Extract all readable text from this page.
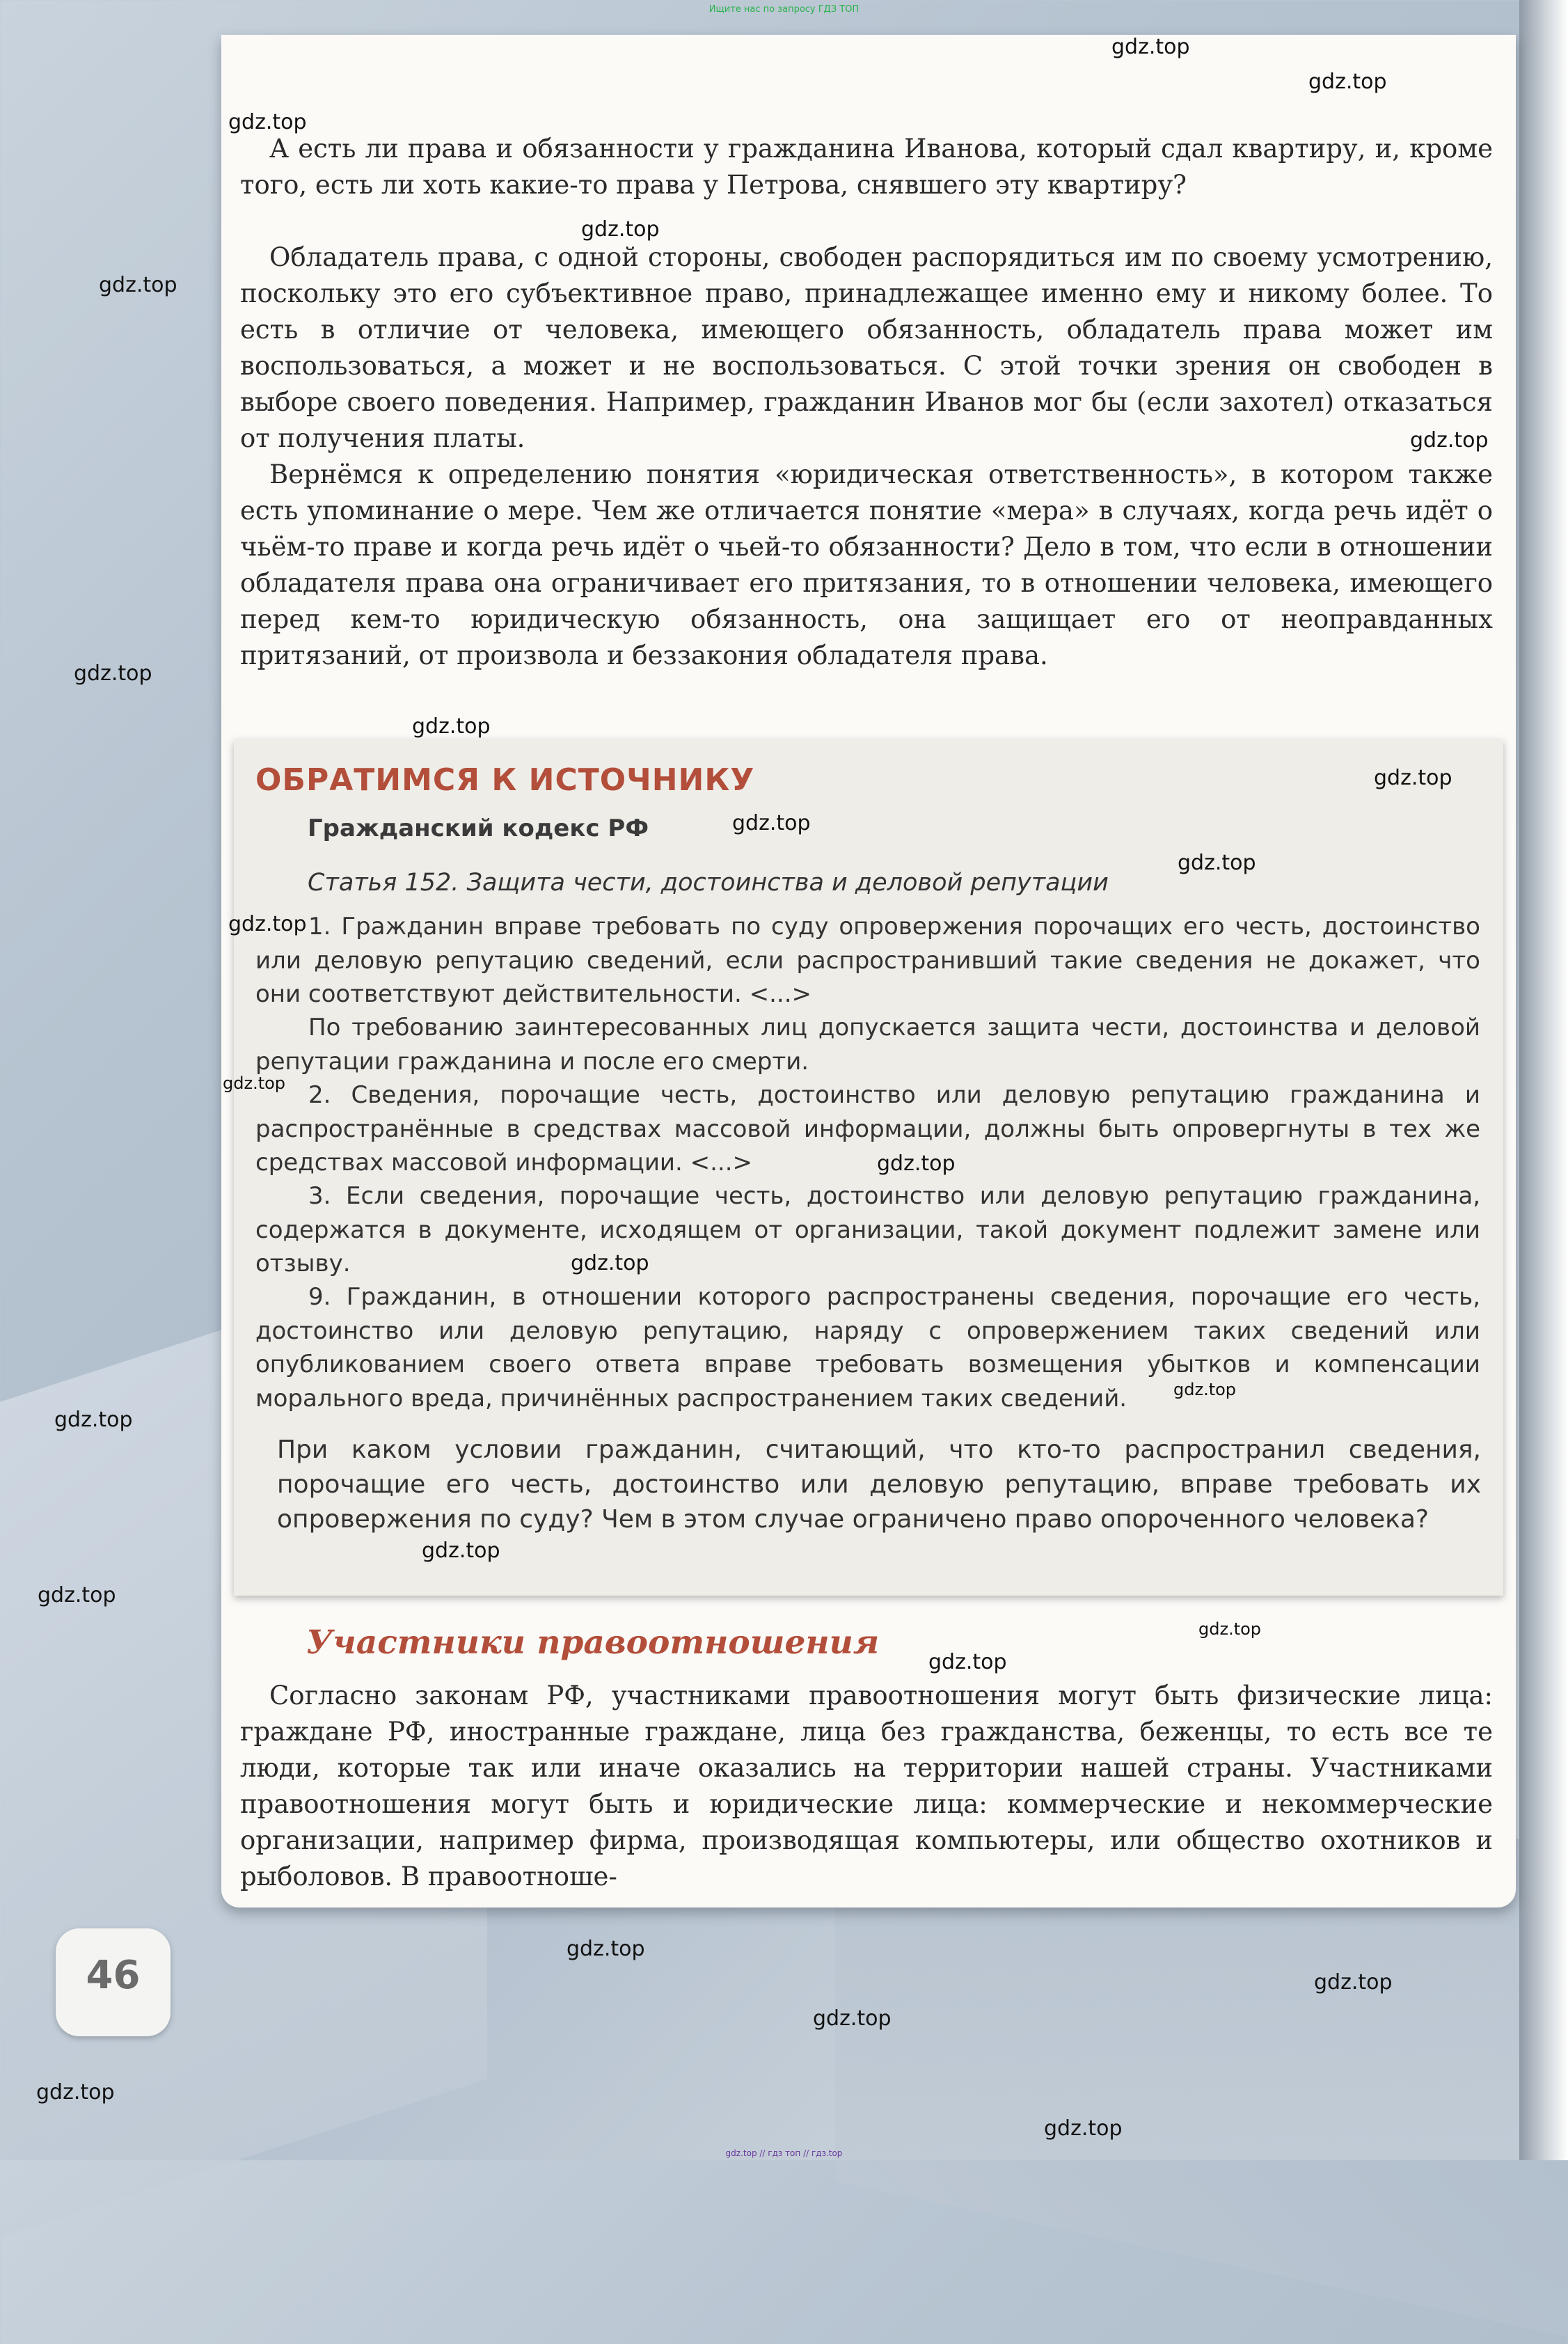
Ищите нас по запросу ГДЗ ТОП

А есть ли права и обязанности у гражданина Иванова, который сдал квартиру, и, кроме того, есть ли хоть какие-то права у Петрова, снявшего эту квартиру?

Обладатель права, с одной стороны, свободен распорядиться им по своему усмотрению, поскольку это его субъективное право, принадлежащее именно ему и никому более. То есть в отличие от человека, имеющего обязанность, обладатель права может им воспользоваться, а может и не воспользоваться. С этой точки зрения он свободен в выборе своего поведения. Например, гражданин Иванов мог бы (если захотел) отказаться от получения платы.

Вернёмся к определению понятия «юридическая ответственность», в котором также есть упоминание о мере. Чем же отличается понятие «мера» в случаях, когда речь идёт о чьём-то праве и когда речь идёт о чьей-то обязанности? Дело в том, что если в отношении обладателя права она ограничивает его притязания, то в отношении человека, имеющего перед кем-то юридическую обязанность, она защищает его от неоправданных притязаний, от произвола и беззакония обладателя права.

ОБРАТИМСЯ К ИСТОЧНИКУ
Гражданский кодекс РФ
Статья 152. Защита чести, достоинства и деловой репутации

1. Гражданин вправе требовать по суду опровержения порочащих его честь, достоинство или деловую репутацию сведений, если распространивший такие сведения не докажет, что они соответствуют действительности. <...>

По требованию заинтересованных лиц допускается защита чести, достоинства и деловой репутации гражданина и после его смерти.

2. Сведения, порочащие честь, достоинство или деловую репутацию гражданина и распространённые в средствах массовой информации, должны быть опровергнуты в тех же средствах массовой информации. <...>

3. Если сведения, порочащие честь, достоинство или деловую репутацию гражданина, содержатся в документе, исходящем от организации, такой документ подлежит замене или отзыву.

9. Гражданин, в отношении которого распространены сведения, порочащие его честь, достоинство или деловую репутацию, наряду с опровержением таких сведений или опубликованием своего ответа вправе требовать возмещения убытков и компенсации морального вреда, причинённых распространением таких сведений.

При каком условии гражданин, считающий, что кто-то распространил сведения, порочащие его честь, достоинство или деловую репутацию, вправе требовать их опровержения по суду? Чем в этом случае ограничено право опороченного человека?

Участники правоотношения

Согласно законам РФ, участниками правоотношения могут быть физические лица: граждане РФ, иностранные граждане, лица без гражданства, беженцы, то есть все те люди, которые так или иначе оказались на территории нашей страны. Участниками правоотношения могут быть и юридические лица: коммерческие и некоммерческие организации, например фирма, производящая компьютеры, или общество охотников и рыболовов. В правоотноше-

46
gdz.top
gdz.top
gdz.top
gdz.top
gdz.top
gdz.top
gdz.top
gdz.top
gdz.top
gdz.top
gdz.top
gdz.top
gdz.top
gdz.top
gdz.top
gdz.top
gdz.top
gdz.top
gdz.top
gdz.top
gdz.top
gdz.top
gdz.top
gdz.top
gdz.top
gdz.top
gdz.top // гдз топ // гдз.top
